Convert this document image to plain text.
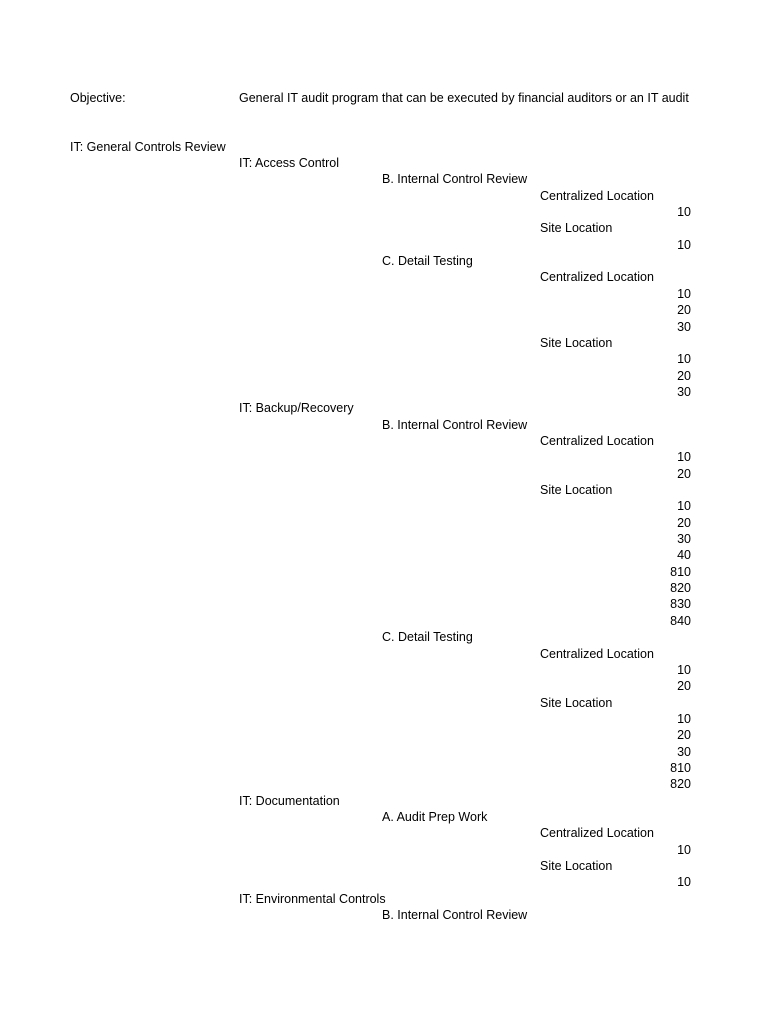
Objective:	General IT audit program that can be executed by financial auditors or an IT audit
IT: General Controls Review
IT: Access Control
B. Internal Control Review
Centralized Location
10
Site Location
10
C. Detail Testing
Centralized Location
10
20
30
Site Location
10
20
30
IT: Backup/Recovery
B. Internal Control Review
Centralized Location
10
20
Site Location
10
20
30
40
810
820
830
840
C. Detail Testing
Centralized Location
10
20
Site Location
10
20
30
810
820
IT: Documentation
A. Audit Prep Work
Centralized Location
10
Site Location
10
IT: Environmental Controls
B. Internal Control Review
